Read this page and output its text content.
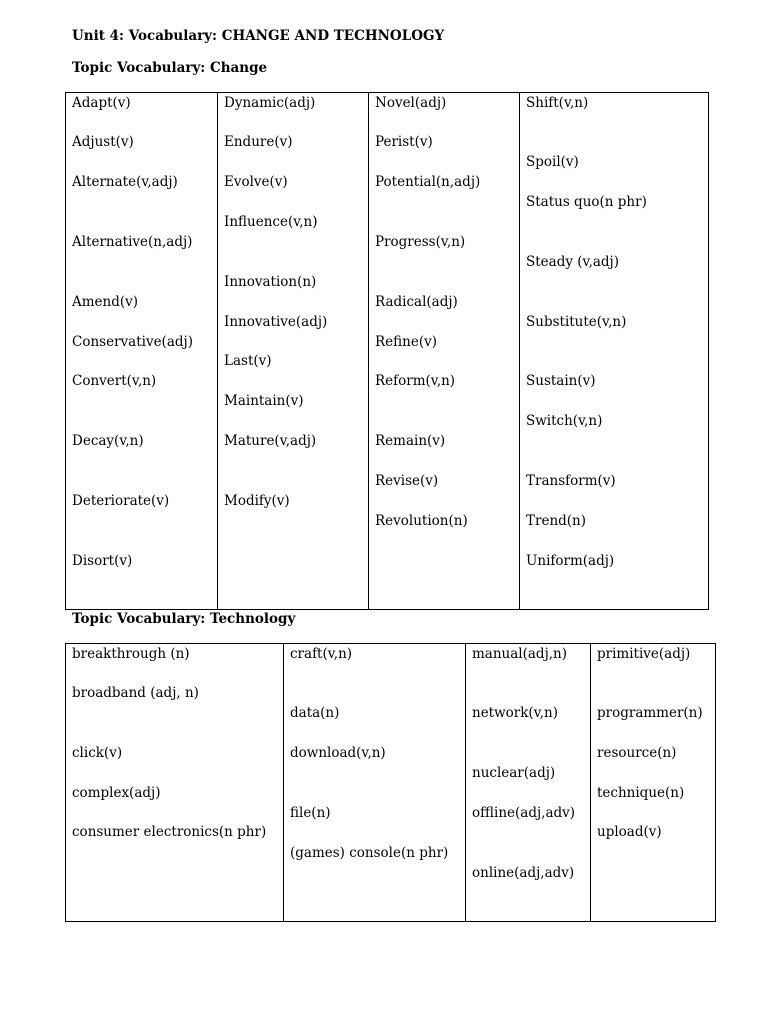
Unit 4: Vocabulary: CHANGE AND TECHNOLOGY
Topic Vocabulary: Change
Adapt(v)
Adjust(v)
Alternate(v,adj)
Alternative(n,adj)
Amend(v)
Conservative(adj)
Convert(v,n)
Decay(v,n)
Deteriorate(v)
Disort(v)
Dynamic(adj)
Endure(v)
Evolve(v)
Influence(v,n)
Innovation(n)
Innovative(adj)
Last(v)
Maintain(v)
Mature(v,adj)
Modify(v)
Novel(adj)
Perist(v)
Potential(n,adj)
Progress(v,n)
Radical(adj)
Refine(v)
Reform(v,n)
Remain(v)
Revise(v)
Revolution(n)
Shift(v,n)
Spoil(v)
Status quo(n phr)
Steady (v,adj)
Substitute(v,n)
Sustain(v)
Switch(v,n)
Transform(v)
Trend(n)
Uniform(adj)
Topic Vocabulary: Technology
breakthrough (n)
broadband (adj, n)
click(v)
complex(adj)
consumer electronics(n phr)
craft(v,n)
data(n)
download(v,n)
file(n)
(games) console(n phr)
manual(adj,n)
network(v,n)
nuclear(adj)
offline(adj,adv)
online(adj,adv)
primitive(adj)
programmer(n)
resource(n)
technique(n)
upload(v)
